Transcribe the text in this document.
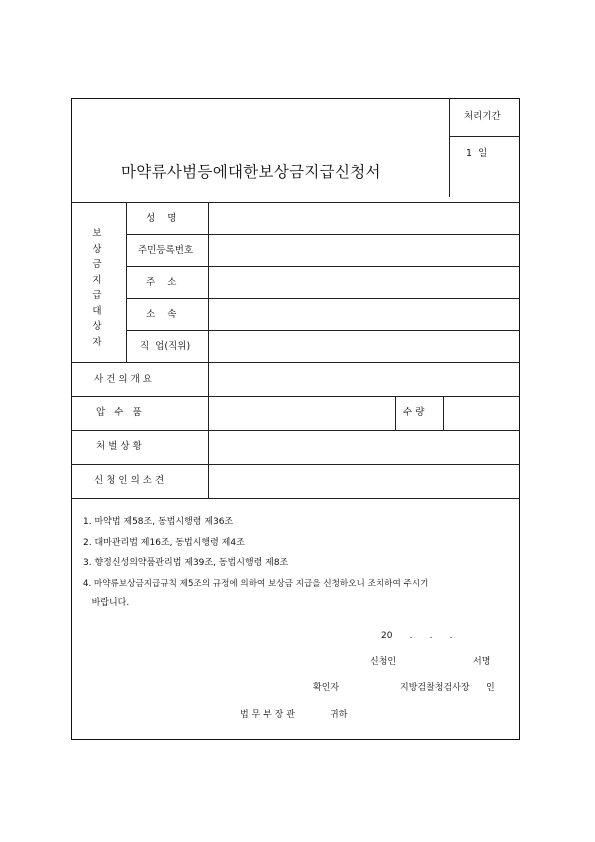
처리기간
1  일
마약류사범등에대한보상금지급신청서
보
상
금
지
급
대
상
자
성    명
주민등록번호
주    소
소    속
직  업(직위)
사 건 의 개 요
압   수   품	수 량
처 벌 상 황
신 청 인 의 소 견
1. 마약법 제58조, 동법시행령 제36조
2. 대마관리법 제16조, 동법시행령 제4조
3. 향정신성의약품관리법 제39조, 동법시행령 제8조
4. 마약류보상금지급규칙 제5조의 규정에 의하여 보상금 지급을 신청하오니 조치하여 주시기
바랍니다.
20      .      .      .
신청인	서명
확인자	지방검찰청검사장 인
법 무 부 장 관	귀하
